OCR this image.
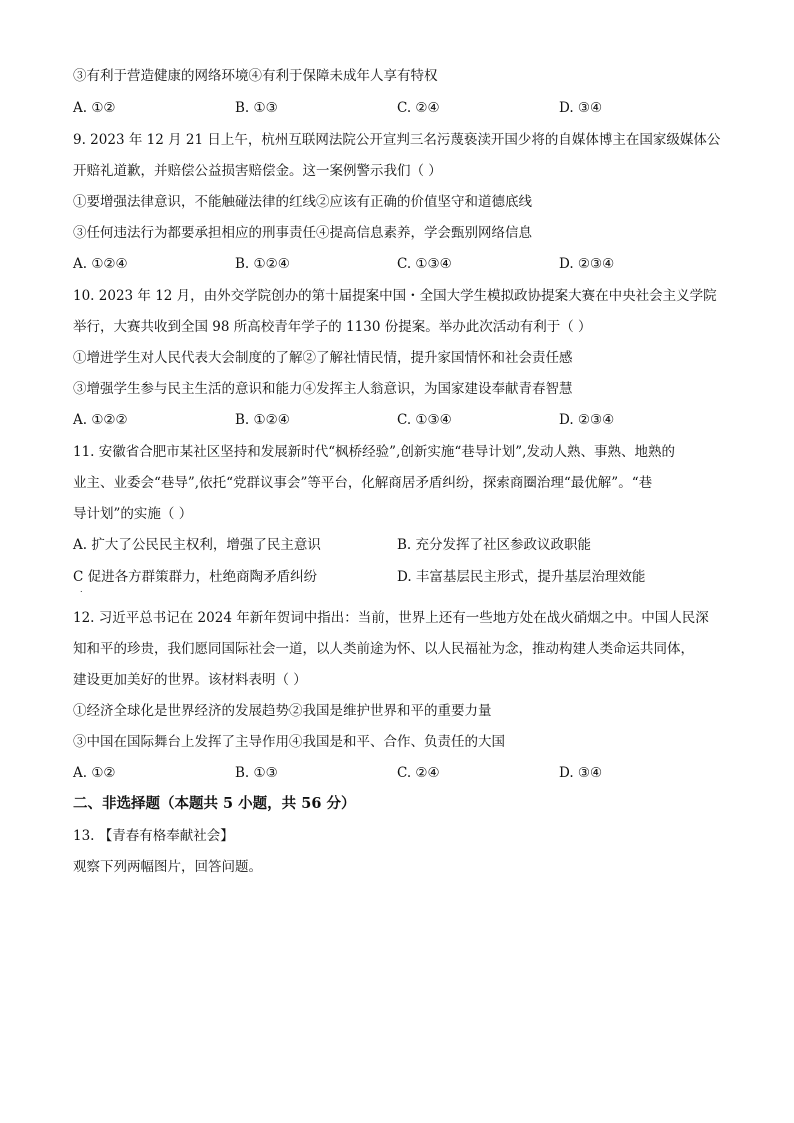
③有利于营造健康的网络环境④有利于保障未成年人享有特权
A. ①②	B. ①③	C. ②④	D. ③④
9. 2023 年 12 月 21 日上午，杭州互联网法院公开宣判三名污蔑亵渎开国少将的自媒体博主在国家级媒体公
开赔礼道歉，并赔偿公益损害赔偿金。这一案例警示我们（ ）
①要增强法律意识，不能触碰法律的红线②应该有正确的价值坚守和道德底线
③任何违法行为都要承担相应的刑事责任④提高信息素养，学会甄别网络信息
A. ①②④	B. ①②④	C. ①③④	D. ②③④
10. 2023 年 12 月，由外交学院创办的第十届提案中国・全国大学生模拟政协提案大赛在中央社会主义学院
举行，大赛共收到全国 98 所高校青年学子的 1130 份提案。举办此次活动有利于（ ）
①增进学生对人民代表大会制度的了解②了解社情民情，提升家国情怀和社会责任感
③增强学生参与民主生活的意识和能力④发挥主人翁意识，为国家建设奉献青春智慧
A. ①②②	B. ①②④	C. ①③④	D. ②③④
11. 安徽省合肥市某社区坚持和发展新时代“枫桥经验”,创新实施“巷导计划”,发动人熟、事熟、地熟的
业主、业委会“巷导”,依托“党群议事会”等平台，化解商居矛盾纠纷，探索商圈治理“最优解”。“巷
导计划”的实施（ ）
A. 扩大了公民民主权利，增强了民主意识	B. 充分发挥了社区参政议政职能
C 促进各方群策群力，杜绝商陶矛盾纠纷	D. 丰富基层民主形式，提升基层治理效能
.
12. 习近平总书记在 2024 年新年贺词中指出：当前，世界上还有一些地方处在战火硝烟之中。中国人民深
知和平的珍贵，我们愿同国际社会一道，以人类前途为怀、以人民福祉为念，推动构建人类命运共同体，
建设更加美好的世界。该材料表明（ ）
①经济全球化是世界经济的发展趋势②我国是维护世界和平的重要力量
③中国在国际舞台上发挥了主导作用④我国是和平、合作、负责任的大国
A. ①②	B. ①③	C. ②④	D. ③④
二、非选择题（本题共 5 小题，共 56 分）
13. 【青春有格奉献社会】
观察下列两幅图片，回答问题。
